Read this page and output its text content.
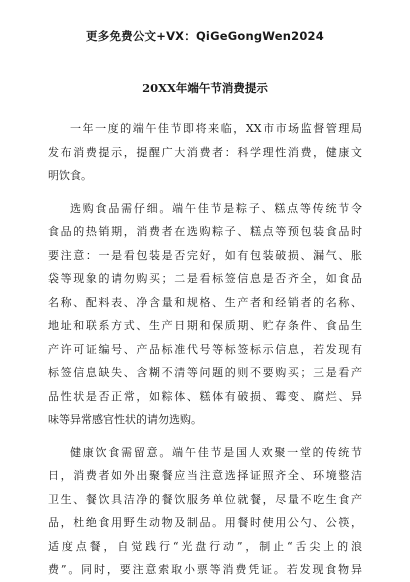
更多免费公文+VX：QiGeGongWen2024
20XX年端午节消费提示
一年一度的端午佳节即将来临，XX市市场监督管理局
发布消费提示，提醒广大消费者：科学理性消费，健康文
明饮食。
选购食品需仔细。端午佳节是粽子、糕点等传统节令
食品的热销期，消费者在选购粽子、糕点等预包装食品时
要注意：一是看包装是否完好，如有包装破损、漏气、胀
袋等现象的请勿购买；二是看标签信息是否齐全，如食品
名称、配料表、净含量和规格、生产者和经销者的名称、
地址和联系方式、生产日期和保质期、贮存条件、食品生
产许可证编号、产品标准代号等标签标示信息，若发现有
标签信息缺失、含糊不清等问题的则不要购买；三是看产
品性状是否正常，如粽体、糕体有破损、霉变、腐烂、异
味等异常感官性状的请勿选购。
健康饮食需留意。端午佳节是国人欢聚一堂的传统节
日，消费者如外出聚餐应当注意选择证照齐全、环境整洁
卫生、餐饮具洁净的餐饮服务单位就餐，尽量不吃生食产
品，杜绝食用野生动物及制品。用餐时使用公勺、公筷，
适度点餐，自觉践行“光盘行动”，制止“舌尖上的浪
费”。同时，要注意索取小票等消费凭证。若发现食物异
